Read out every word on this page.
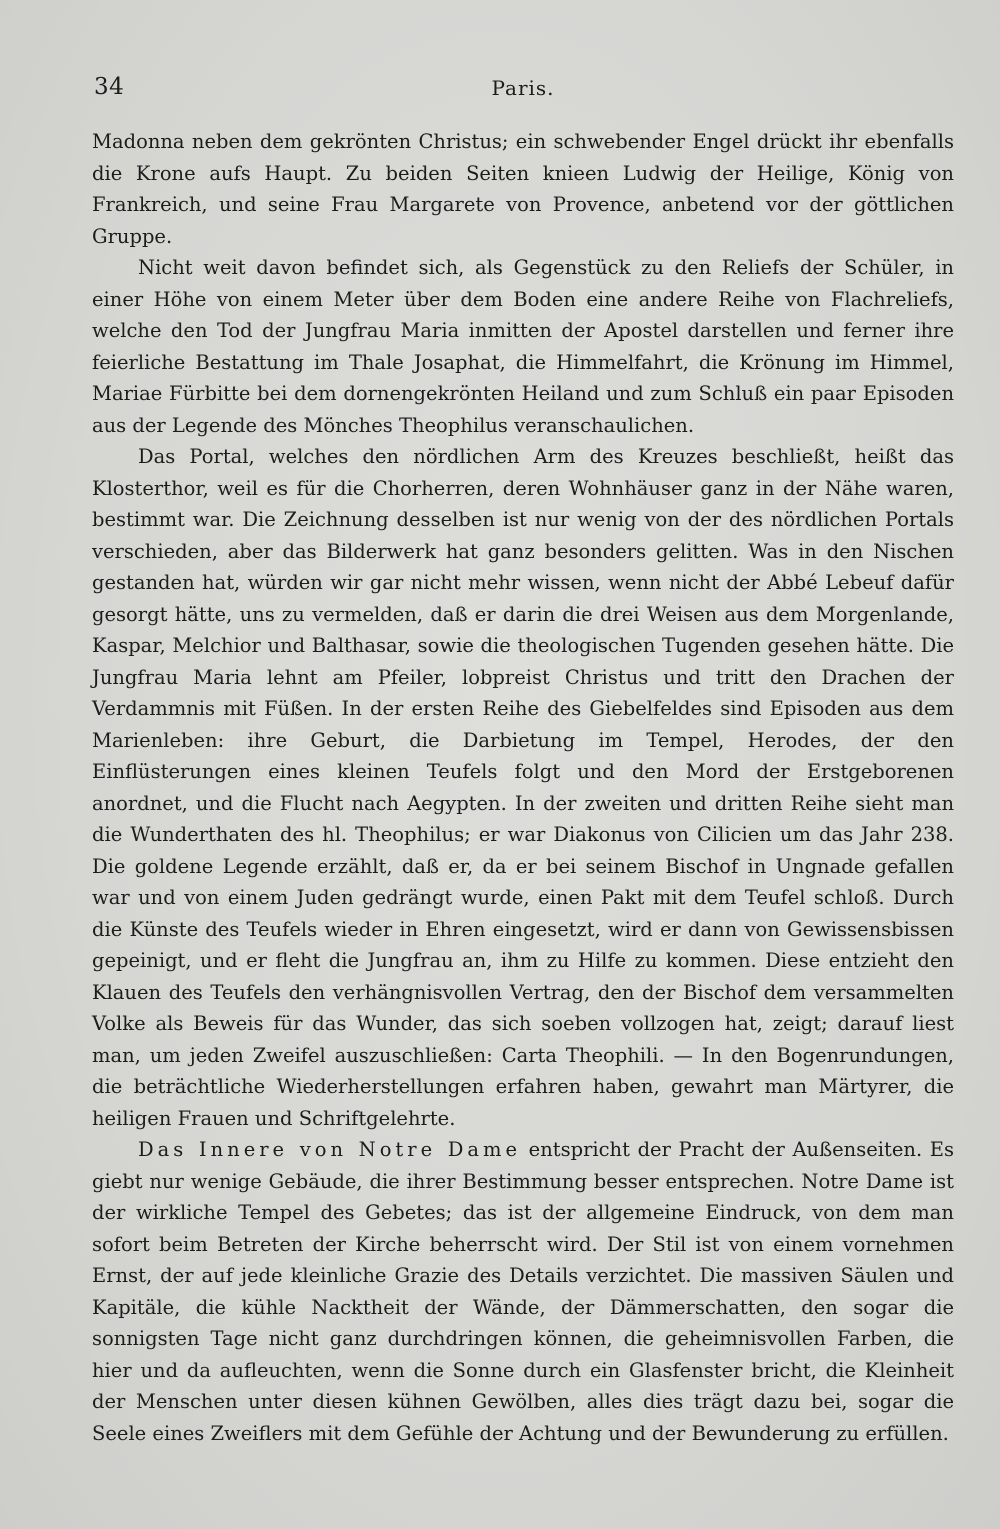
34	Paris.

Madonna neben dem gekrönten Christus; ein schwebender Engel drückt ihr ebenfalls die Krone aufs Haupt. Zu beiden Seiten knieen Ludwig der Heilige, König von Frankreich, und seine Frau Margarete von Provence, anbetend vor der göttlichen Gruppe.

Nicht weit davon befindet sich, als Gegenstück zu den Reliefs der Schüler, in einer Höhe von einem Meter über dem Boden eine andere Reihe von Flachreliefs, welche den Tod der Jungfrau Maria inmitten der Apostel darstellen und ferner ihre feierliche Bestattung im Thale Josaphat, die Himmelfahrt, die Krönung im Himmel, Mariae Fürbitte bei dem dornengekrönten Heiland und zum Schluß ein paar Episoden aus der Legende des Mönches Theophilus veranschaulichen.

Das Portal, welches den nördlichen Arm des Kreuzes beschließt, heißt das Klosterthor, weil es für die Chorherren, deren Wohnhäuser ganz in der Nähe waren, bestimmt war. Die Zeichnung desselben ist nur wenig von der des nördlichen Portals verschieden, aber das Bilderwerk hat ganz besonders gelitten. Was in den Nischen gestanden hat, würden wir gar nicht mehr wissen, wenn nicht der Abbé Lebeuf dafür gesorgt hätte, uns zu vermelden, daß er darin die drei Weisen aus dem Morgenlande, Kaspar, Melchior und Balthasar, sowie die theologischen Tugenden gesehen hätte. Die Jungfrau Maria lehnt am Pfeiler, lobpreist Christus und tritt den Drachen der Verdammnis mit Füßen. In der ersten Reihe des Giebelfeldes sind Episoden aus dem Marienleben: ihre Geburt, die Darbietung im Tempel, Herodes, der den Einflüsterungen eines kleinen Teufels folgt und den Mord der Erstgeborenen anordnet, und die Flucht nach Aegypten. In der zweiten und dritten Reihe sieht man die Wunderthaten des hl. Theophilus; er war Diakonus von Cilicien um das Jahr 238. Die goldene Legende erzählt, daß er, da er bei seinem Bischof in Ungnade gefallen war und von einem Juden gedrängt wurde, einen Pakt mit dem Teufel schloß. Durch die Künste des Teufels wieder in Ehren eingesetzt, wird er dann von Gewissensbissen gepeinigt, und er fleht die Jungfrau an, ihm zu Hilfe zu kommen. Diese entzieht den Klauen des Teufels den verhängnisvollen Vertrag, den der Bischof dem versammelten Volke als Beweis für das Wunder, das sich soeben vollzogen hat, zeigt; darauf liest man, um jeden Zweifel auszuschließen: Carta Theophili. — In den Bogenrundungen, die beträchtliche Wiederherstellungen erfahren haben, gewahrt man Märtyrer, die heiligen Frauen und Schriftgelehrte.

Das Innere von Notre Dame entspricht der Pracht der Außenseiten. Es giebt nur wenige Gebäude, die ihrer Bestimmung besser entsprechen. Notre Dame ist der wirkliche Tempel des Gebetes; das ist der allgemeine Eindruck, von dem man sofort beim Betreten der Kirche beherrscht wird. Der Stil ist von einem vornehmen Ernst, der auf jede kleinliche Grazie des Details verzichtet. Die massiven Säulen und Kapitäle, die kühle Nacktheit der Wände, der Dämmerschatten, den sogar die sonnigsten Tage nicht ganz durchdringen können, die geheimnisvollen Farben, die hier und da aufleuchten, wenn die Sonne durch ein Glasfenster bricht, die Kleinheit der Menschen unter diesen kühnen Gewölben, alles dies trägt dazu bei, sogar die Seele eines Zweiflers mit dem Gefühle der Achtung und der Bewunderung zu erfüllen.
